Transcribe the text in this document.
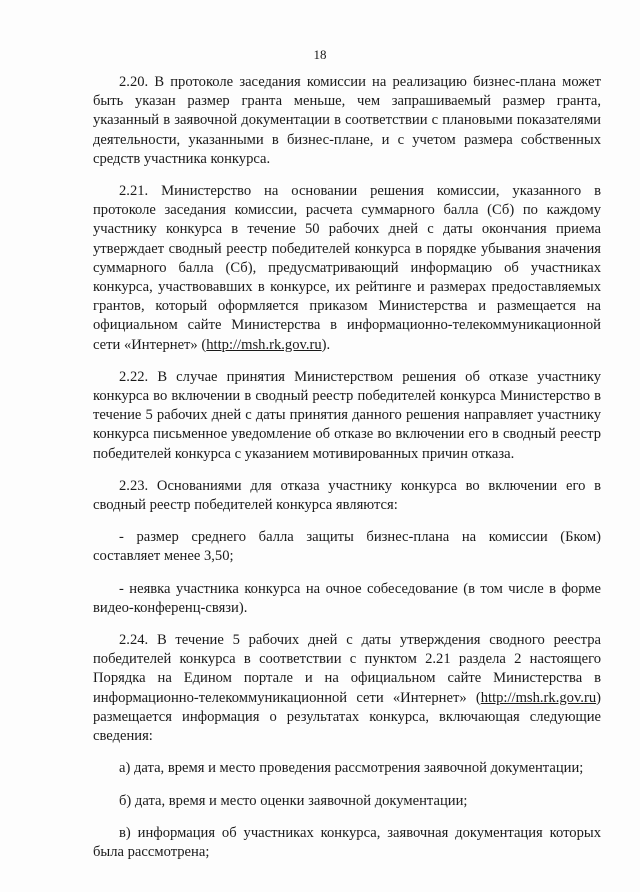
18

2.20. В протоколе заседания комиссии на реализацию бизнес-плана может
быть указан размер гранта меньше, чем запрашиваемый размер гранта,
указанный в заявочной документации в соответствии с плановыми показателями
деятельности, указанными в бизнес-плане, и с учетом размера собственных
средств участника конкурса.

2.21. Министерство на основании решения комиссии, указанного в
протоколе заседания комиссии, расчета суммарного балла (Сб) по каждому
участнику конкурса в течение 50 рабочих дней с даты окончания приема
утверждает сводный реестр победителей конкурса в порядке убывания значения
суммарного балла (Сб), предусматривающий информацию об участниках
конкурса, участвовавших в конкурсе, их рейтинге и размерах предоставляемых
грантов, который оформляется приказом Министерства и размещается на
официальном сайте Министерства в информационно-телекоммуникационной
сети «Интернет» (http://msh.rk.gov.ru).

2.22. В случае принятия Министерством решения об отказе участнику
конкурса во включении в сводный реестр победителей конкурса Министерство в
течение 5 рабочих дней с даты принятия данного решения направляет участнику
конкурса письменное уведомление об отказе во включении его в сводный реестр
победителей конкурса с указанием мотивированных причин отказа.

2.23. Основаниями для отказа участнику конкурса во включении его в
сводный реестр победителей конкурса являются:

- размер среднего балла защиты бизнес-плана на комиссии (Бком)
составляет менее 3,50;

- неявка участника конкурса на очное собеседование (в том числе в форме
видео-конференц-связи).

2.24. В течение 5 рабочих дней с даты утверждения сводного реестра
победителей конкурса в соответствии с пунктом 2.21 раздела 2 настоящего
Порядка на Едином портале и на официальном сайте Министерства в
информационно-телекоммуникационной сети «Интернет» (http://msh.rk.gov.ru)
размещается информация о результатах конкурса, включающая следующие
сведения:

а) дата, время и место проведения рассмотрения заявочной документации;

б) дата, время и место оценки заявочной документации;

в) информация об участниках конкурса, заявочная документация которых
была рассмотрена;
